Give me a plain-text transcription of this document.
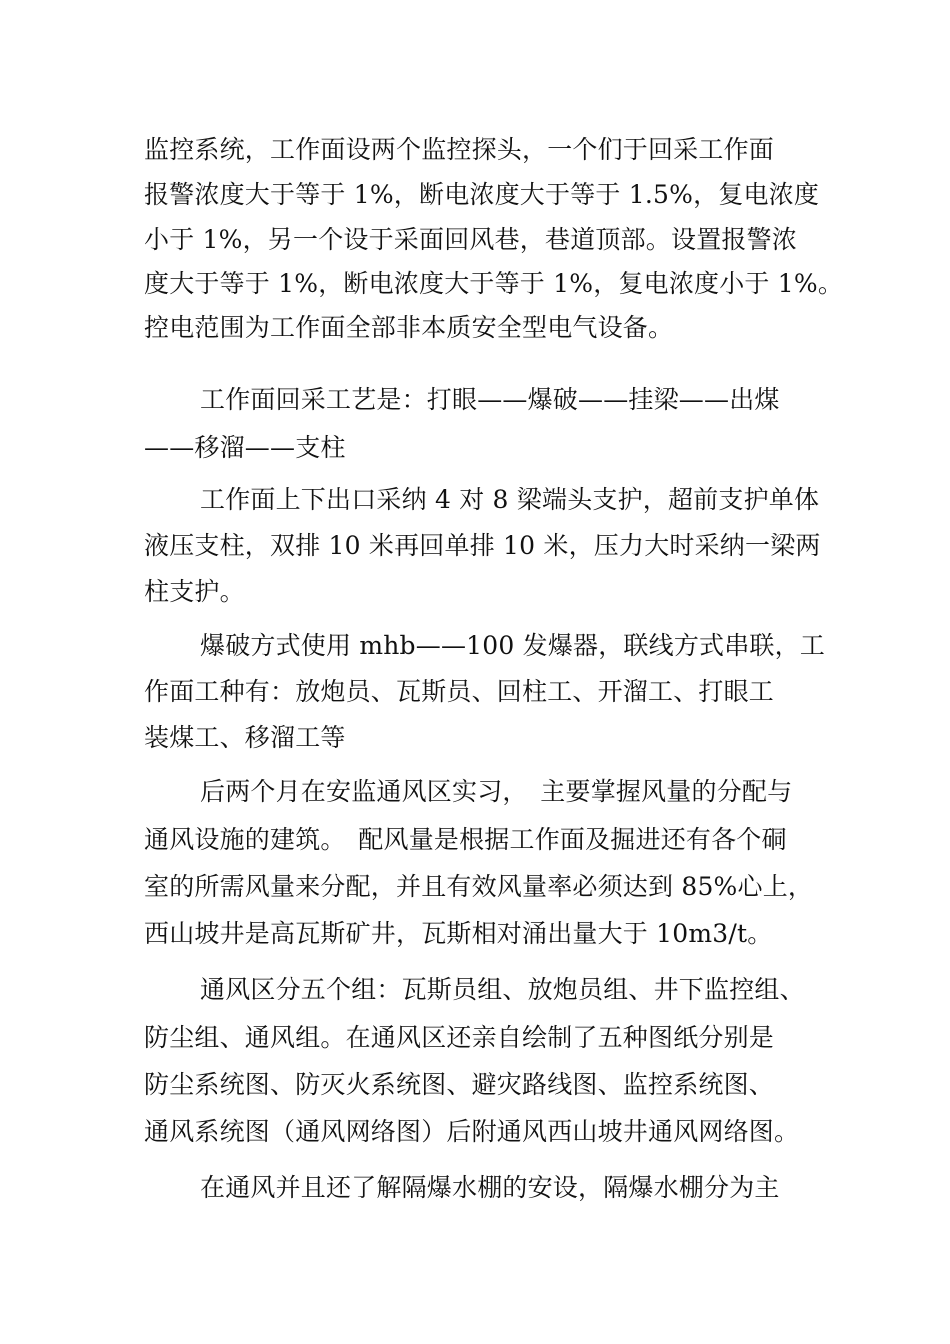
监控系统，工作面设两个监控探头，一个们于回采工作面
报警浓度大于等于 1%，断电浓度大于等于 1.5%，复电浓度
小于 1%，另一个设于采面回风巷，巷道顶部。设置报警浓
度大于等于 1%，断电浓度大于等于 1%，复电浓度小于 1%。
控电范围为工作面全部非本质安全型电气设备。
工作面回采工艺是：打眼——爆破——挂梁——出煤
——移溜——支柱
工作面上下出口采纳 4 对 8 梁端头支护，超前支护单体
液压支柱，双排 10 米再回单排 10 米，压力大时采纳一梁两
柱支护。
爆破方式使用 mhb——100 发爆器，联线方式串联，工
作面工种有：放炮员、瓦斯员、回柱工、开溜工、打眼工
装煤工、移溜工等
后两个月在安监通风区实习，　主要掌握风量的分配与
通风设施的建筑。　配风量是根据工作面及掘进还有各个硐
室的所需风量来分配，并且有效风量率必须达到 85%心上，
西山坡井是高瓦斯矿井，瓦斯相对涌出量大于 10m3/t。
通风区分五个组：瓦斯员组、放炮员组、井下监控组、
防尘组、通风组。在通风区还亲自绘制了五种图纸分别是
防尘系统图、防灭火系统图、避灾路线图、监控系统图、
通风系统图（通风网络图）后附通风西山坡井通风网络图。
在通风并且还了解隔爆水棚的安设，隔爆水棚分为主
